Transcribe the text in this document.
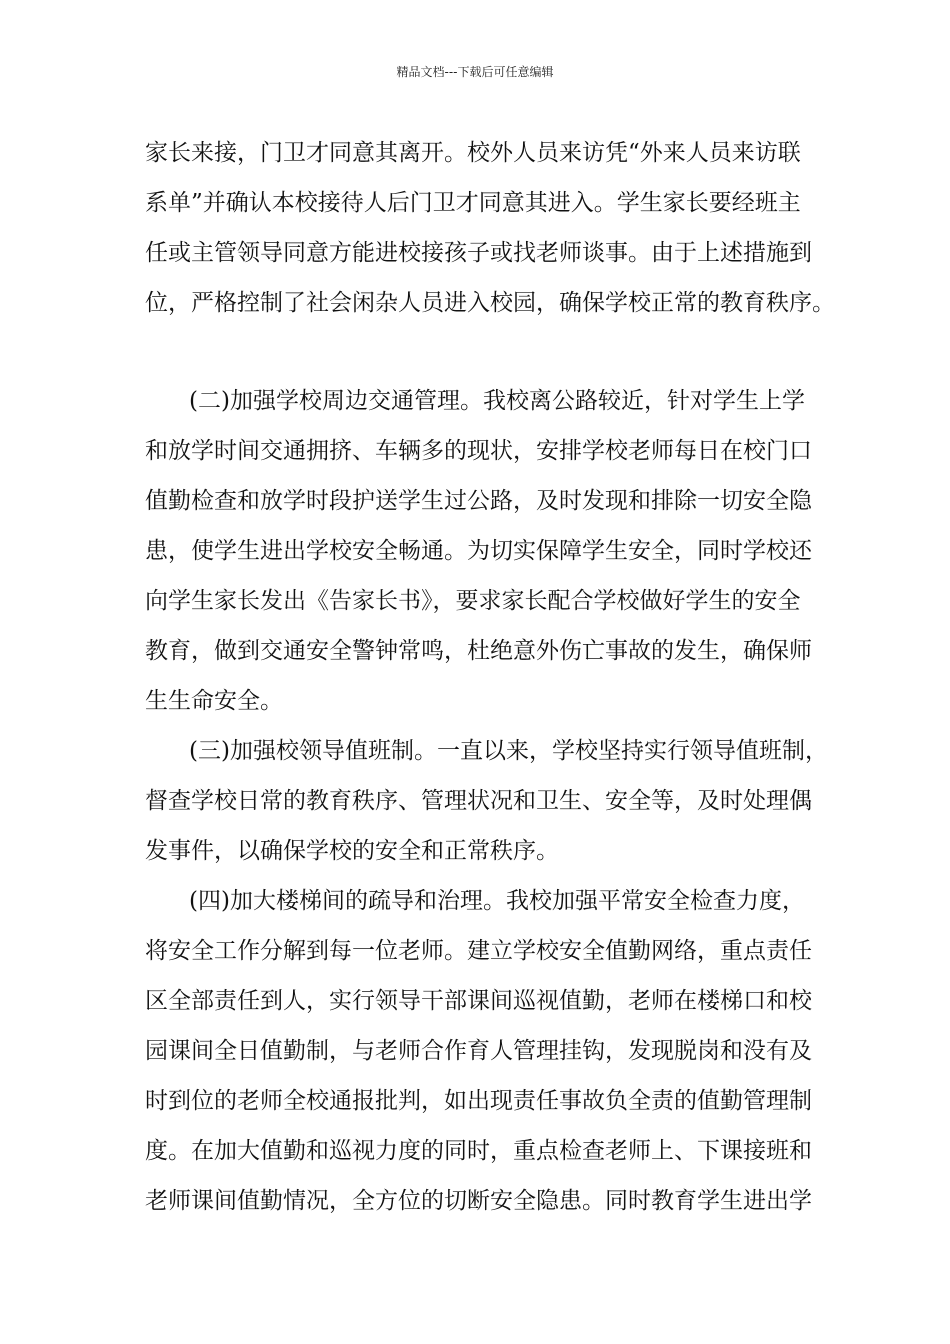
精品文档---下载后可任意编辑

家长来接，门卫才同意其离开。校外人员来访凭“外来人员来访联
系单”并确认本校接待人后门卫才同意其进入。学生家长要经班主
任或主管领导同意方能进校接孩子或找老师谈事。由于上述措施到
位，严格控制了社会闲杂人员进入校园，确保学校正常的教育秩序。

(二)加强学校周边交通管理。我校离公路较近，针对学生上学
和放学时间交通拥挤、车辆多的现状，安排学校老师每日在校门口
值勤检查和放学时段护送学生过公路，及时发现和排除一切安全隐
患，使学生进出学校安全畅通。为切实保障学生安全，同时学校还
向学生家长发出《告家长书》，要求家长配合学校做好学生的安全
教育，做到交通安全警钟常鸣，杜绝意外伤亡事故的发生，确保师
生生命安全。

(三)加强校领导值班制。一直以来，学校坚持实行领导值班制，
督查学校日常的教育秩序、管理状况和卫生、安全等，及时处理偶
发事件，以确保学校的安全和正常秩序。

(四)加大楼梯间的疏导和治理。我校加强平常安全检查力度，
将安全工作分解到每一位老师。建立学校安全值勤网络，重点责任
区全部责任到人，实行领导干部课间巡视值勤，老师在楼梯口和校
园课间全日值勤制，与老师合作育人管理挂钩，发现脱岗和没有及
时到位的老师全校通报批判，如出现责任事故负全责的值勤管理制
度。在加大值勤和巡视力度的同时，重点检查老师上、下课接班和
老师课间值勤情况，全方位的切断安全隐患。同时教育学生进出学
